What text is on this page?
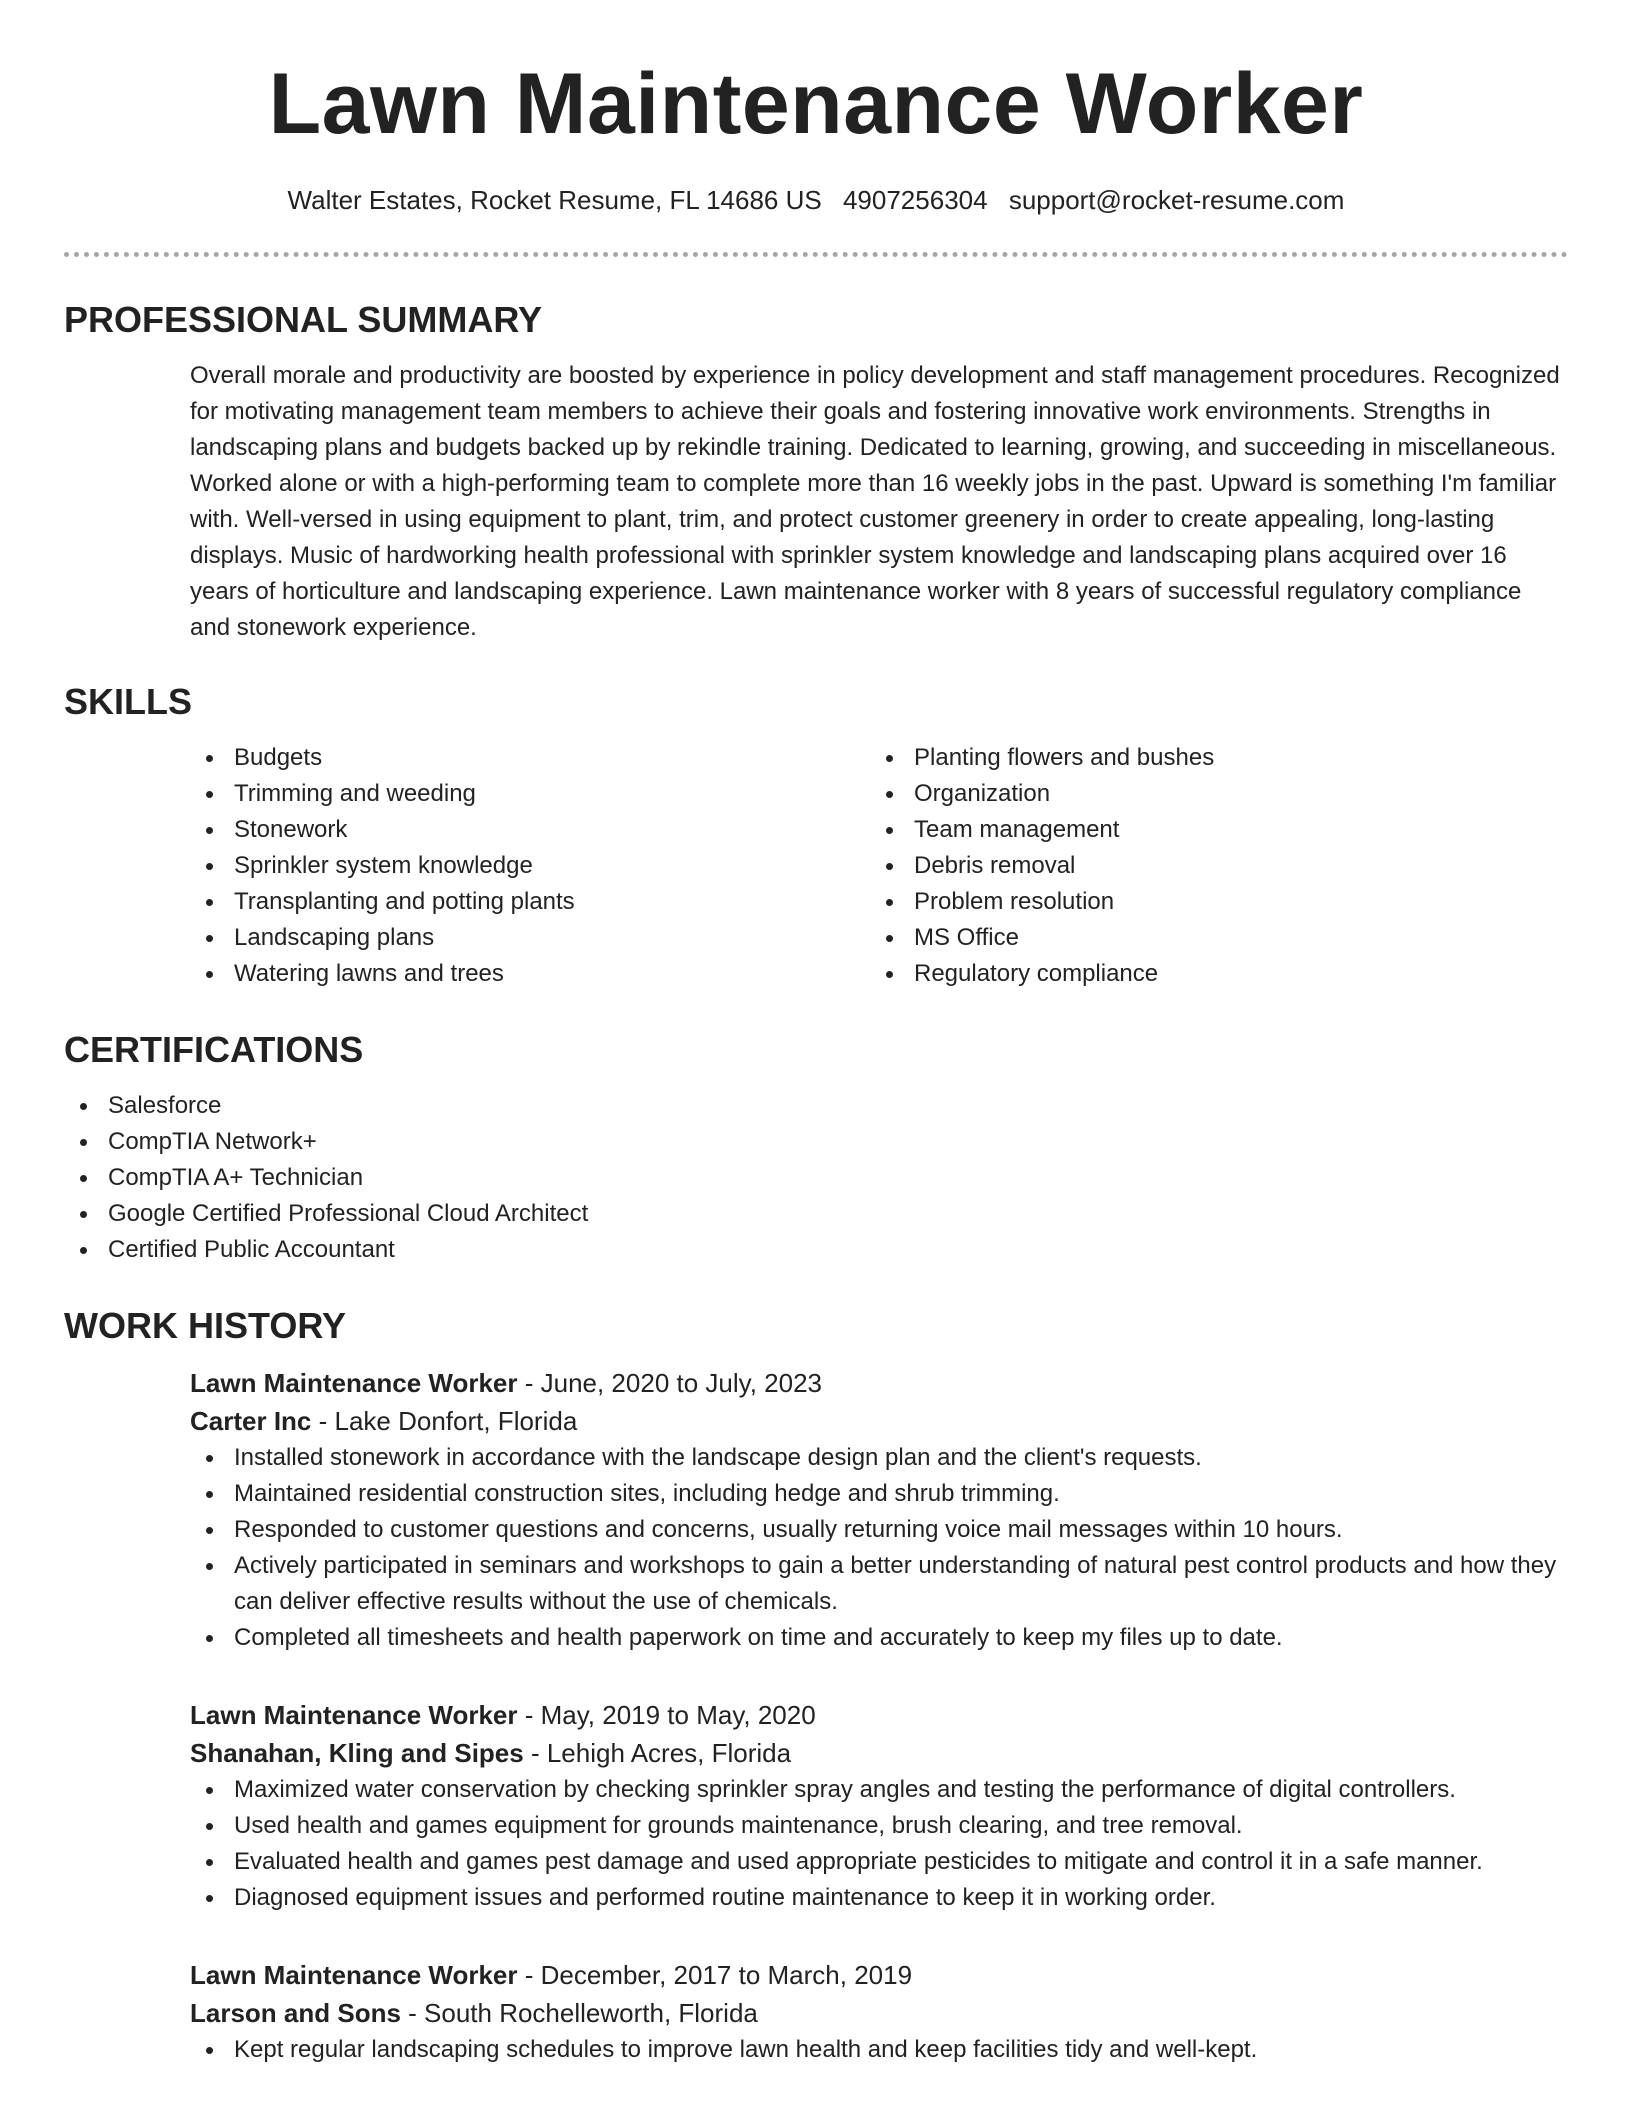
Lawn Maintenance Worker
Walter Estates, Rocket Resume, FL 14686 US 4907256304 support@rocket-resume.com
PROFESSIONAL SUMMARY
Overall morale and productivity are boosted by experience in policy development and staff management procedures. Recognized for motivating management team members to achieve their goals and fostering innovative work environments. Strengths in landscaping plans and budgets backed up by rekindle training. Dedicated to learning, growing, and succeeding in miscellaneous. Worked alone or with a high-performing team to complete more than 16 weekly jobs in the past. Upward is something I'm familiar with. Well-versed in using equipment to plant, trim, and protect customer greenery in order to create appealing, long-lasting displays. Music of hardworking health professional with sprinkler system knowledge and landscaping plans acquired over 16 years of horticulture and landscaping experience. Lawn maintenance worker with 8 years of successful regulatory compliance and stonework experience.
SKILLS
Budgets
Trimming and weeding
Stonework
Sprinkler system knowledge
Transplanting and potting plants
Landscaping plans
Watering lawns and trees
Planting flowers and bushes
Organization
Team management
Debris removal
Problem resolution
MS Office
Regulatory compliance
CERTIFICATIONS
Salesforce
CompTIA Network+
CompTIA A+ Technician
Google Certified Professional Cloud Architect
Certified Public Accountant
WORK HISTORY
Lawn Maintenance Worker - June, 2020 to July, 2023
Carter Inc - Lake Donfort, Florida
Installed stonework in accordance with the landscape design plan and the client's requests.
Maintained residential construction sites, including hedge and shrub trimming.
Responded to customer questions and concerns, usually returning voice mail messages within 10 hours.
Actively participated in seminars and workshops to gain a better understanding of natural pest control products and how they can deliver effective results without the use of chemicals.
Completed all timesheets and health paperwork on time and accurately to keep my files up to date.
Lawn Maintenance Worker - May, 2019 to May, 2020
Shanahan, Kling and Sipes - Lehigh Acres, Florida
Maximized water conservation by checking sprinkler spray angles and testing the performance of digital controllers.
Used health and games equipment for grounds maintenance, brush clearing, and tree removal.
Evaluated health and games pest damage and used appropriate pesticides to mitigate and control it in a safe manner.
Diagnosed equipment issues and performed routine maintenance to keep it in working order.
Lawn Maintenance Worker - December, 2017 to March, 2019
Larson and Sons - South Rochelleworth, Florida
Kept regular landscaping schedules to improve lawn health and keep facilities tidy and well-kept.
